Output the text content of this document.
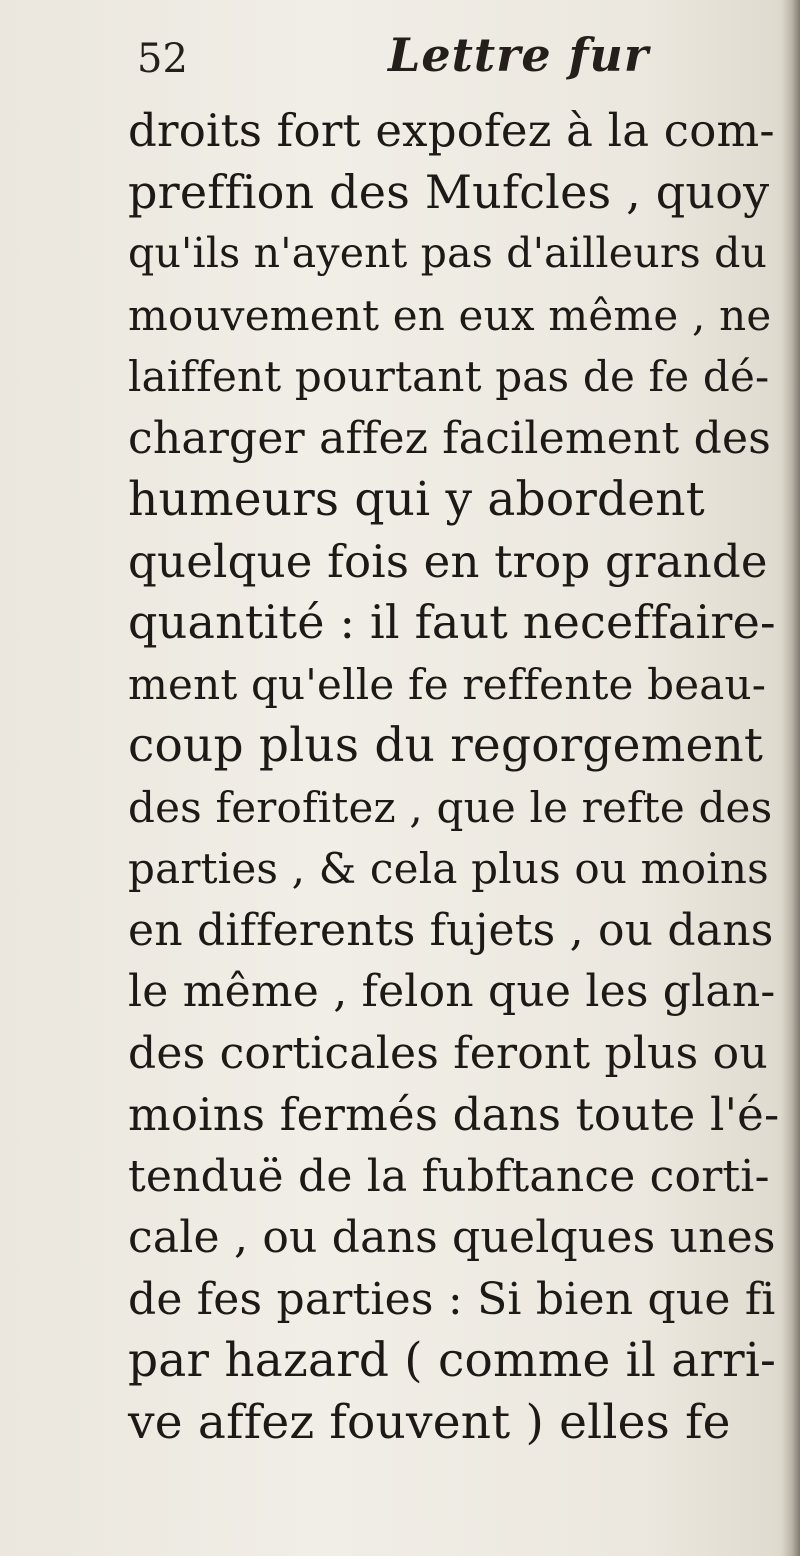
52	Lettre fur
droits fort expofez à la com-
preffion des Mufcles , quoy
qu'ils n'ayent pas d'ailleurs du
mouvement en eux même , ne
laiffent pourtant pas de fe dé-
charger affez facilement des
humeurs qui y abordent
quelque fois en trop grande
quantité : il faut neceffaire-
ment qu'elle fe reffente beau-
coup plus du regorgement
des ferofitez , que le refte des
parties , & cela plus ou moins
en differents fujets , ou dans
le même , felon que les glan-
des corticales feront plus ou
moins fermés dans toute l'é-
tenduë de la fubftance corti-
cale , ou dans quelques unes
de fes parties : Si bien que fi
par hazard ( comme il arri-
ve affez fouvent ) elles fe
